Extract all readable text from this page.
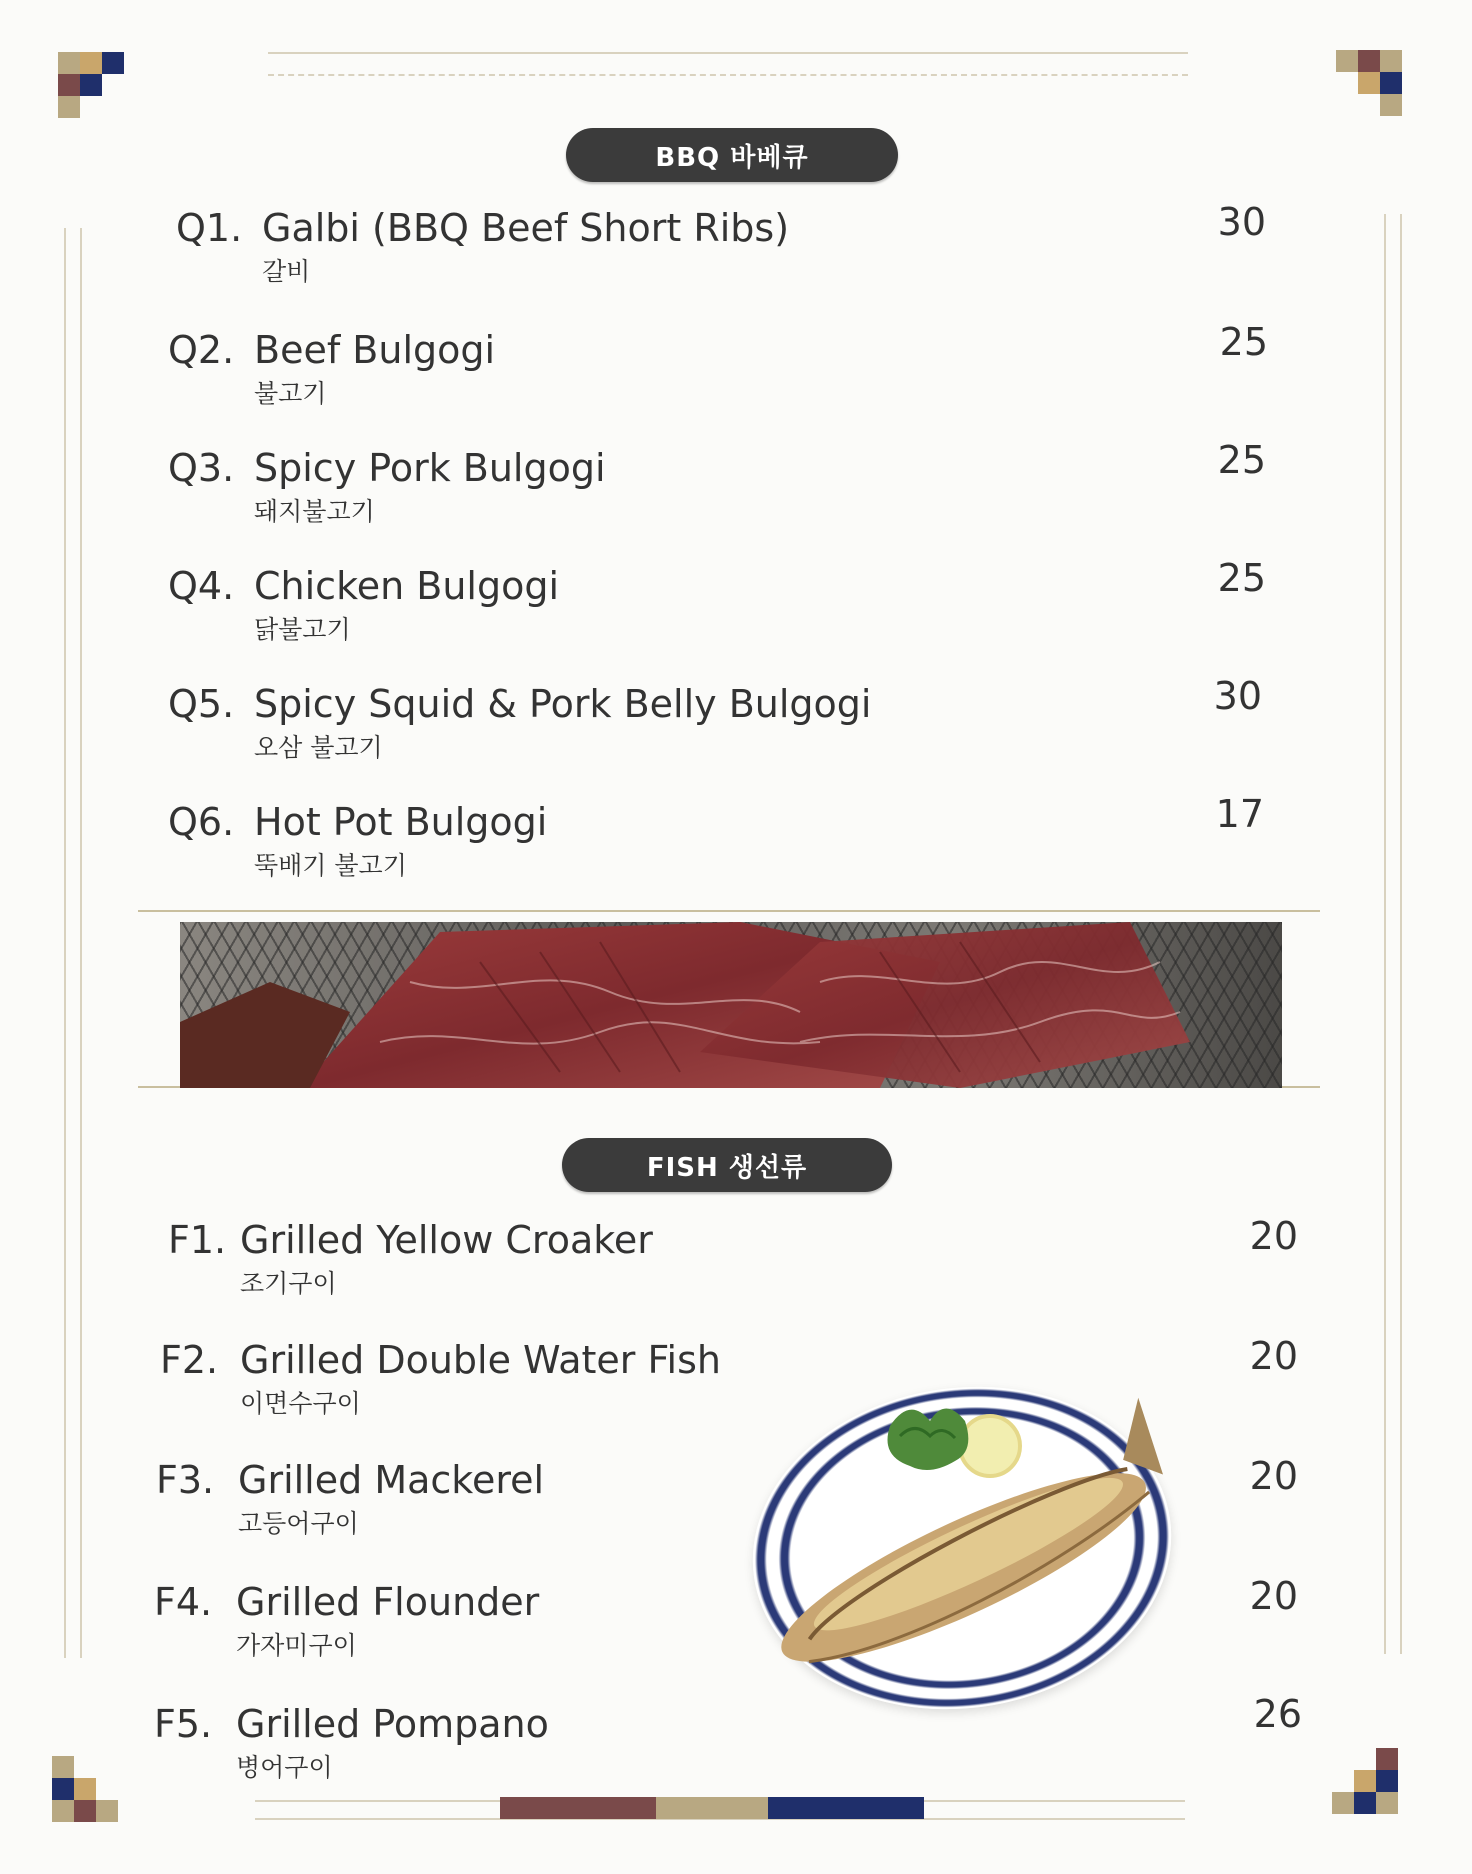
BBQ 바베큐
Q1. Galbi (BBQ Beef Short Ribs)
갈비
30
Q2. Beef Bulgogi
불고기
25
Q3. Spicy Pork Bulgogi
돼지불고기
25
Q4. Chicken Bulgogi
닭불고기
25
Q5. Spicy Squid & Pork Belly Bulgogi
오삼 불고기
30
Q6. Hot Pot Bulgogi
뚝배기 불고기
17
FISH 생선류
F1. Grilled Yellow Croaker
조기구이
20
F2. Grilled Double Water Fish
이면수구이
20
F3. Grilled Mackerel
고등어구이
20
F4. Grilled Flounder
가자미구이
20
F5. Grilled Pompano
병어구이
26
